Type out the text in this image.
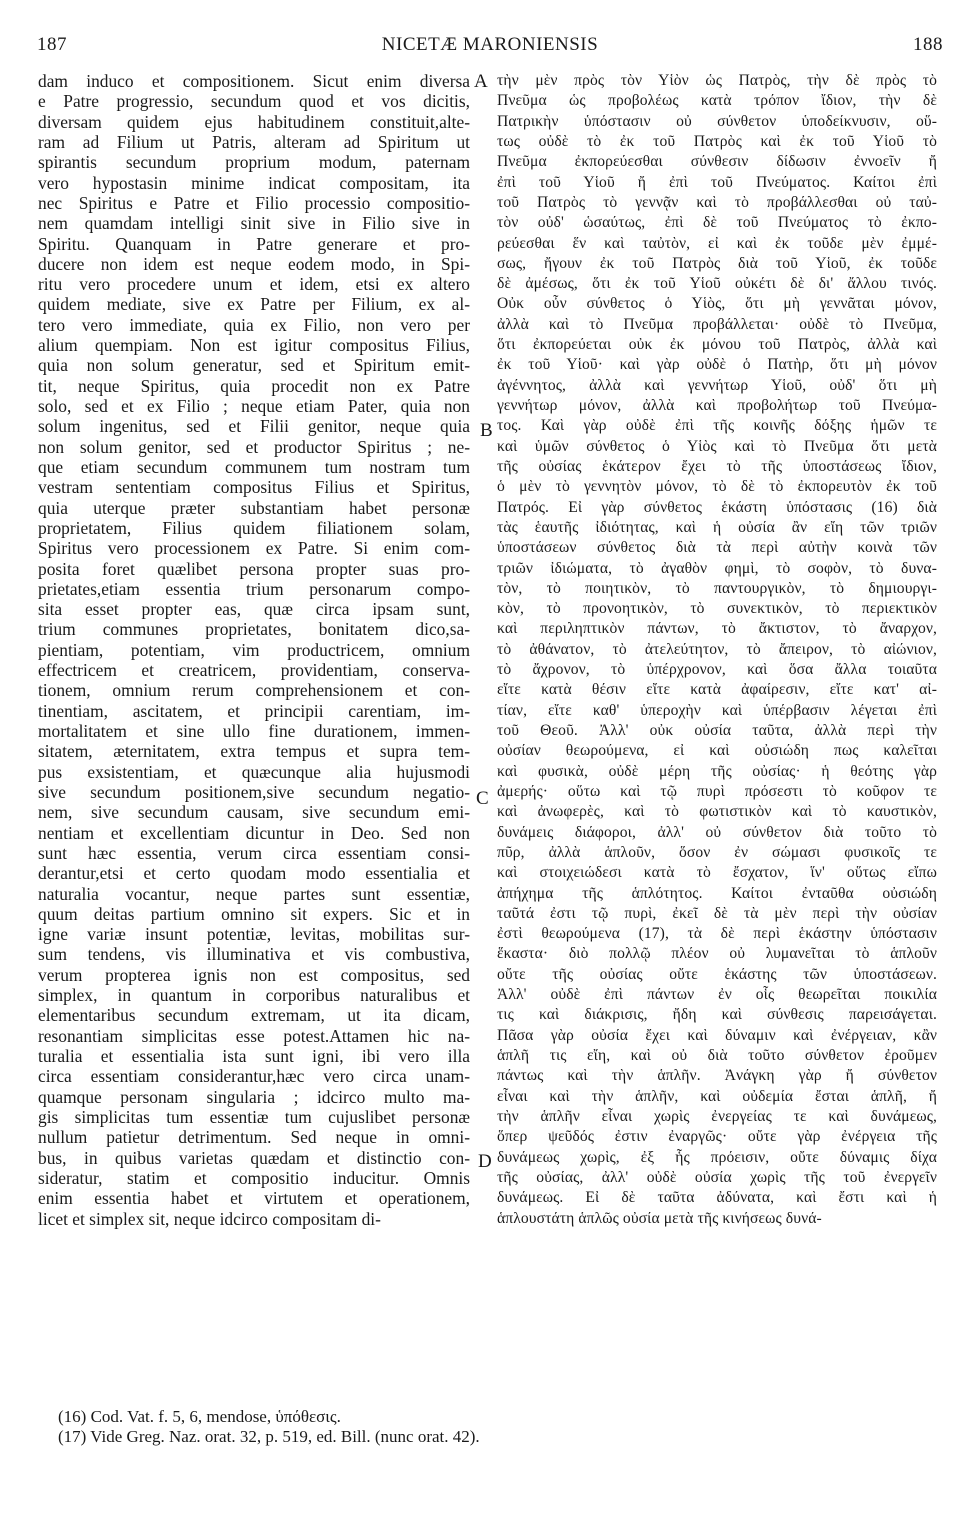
187	NICETÆ MARONIENSIS	188
dam induco et compositionem. Sicut enim diversa
e Patre progressio, secundum quod et vos dicitis,
diversam quidem ejus habitudinem constituit,alte-
ram ad Filium ut Patris, alteram ad Spiritum ut
spirantis secundum proprium modum, paternam
vero hypostasin minime indicat compositam, ita
nec Spiritus e Patre et Filio processio compositio-
nem quamdam intelligi sinit sive in Filio sive in
Spiritu. Quanquam in Patre generare et pro-
ducere non idem est neque eodem modo, in Spi-
ritu vero procedere unum et idem, etsi ex altero
quidem mediate, sive ex Patre per Filium, ex al-
tero vero immediate, quia ex Filio, non vero per
alium quempiam. Non est igitur compositus Filius,
quia non solum generatur, sed et Spiritum emit-
tit, neque Spiritus, quia procedit non ex Patre
solo, sed et ex Filio ; neque etiam Pater, quia non
solum ingenitus, sed et Filii genitor, neque quia
non solum genitor, sed et productor Spiritus ; ne-
que etiam secundum communem tum nostram tum
vestram sententiam compositus Filius et Spiritus,
quia uterque præter substantiam habet personæ
proprietatem, Filius quidem filiationem solam,
Spiritus vero processionem ex Patre. Si enim com-
posita foret quælibet persona propter suas pro-
prietates,etiam essentia trium personarum compo-
sita esset propter eas, quæ circa ipsam sunt,
trium communes proprietates, bonitatem dico,sa-
pientiam, potentiam, vim productricem, omnium
effectricem et creatricem, providentiam, conserva-
tionem, omnium rerum comprehensionem et con-
tinentiam, ascitatem, et principii carentiam, im-
mortalitatem et sine ullo fine durationem, immen-
sitatem, æternitatem, extra tempus et supra tem-
pus exsistentiam, et quæcunque alia hujusmodi
sive secundum positionem,sive secundum negatio-
nem, sive secundum causam, sive secundum emi-
nentiam et excellentiam dicuntur in Deo. Sed non
sunt hæc essentia, verum circa essentiam consi-
derantur,etsi et certo quodam modo essentialia et
naturalia vocantur, neque partes sunt essentiæ,
quum deitas partium omnino sit expers. Sic et in
igne variæ insunt potentiæ, levitas, mobilitas sur-
sum tendens, vis illuminativa et vis combustiva,
verum propterea ignis non est compositus, sed
simplex, in quantum in corporibus naturalibus et
elementaribus secundum extremam, ut ita dicam,
resonantiam simplicitas esse potest.Attamen hic na-
turalia et essentialia ista sunt igni, ibi vero illa
circa essentiam considerantur,hæc vero circa unam-
quamque personam singularia ; idcirco multo ma-
gis simplicitas tum essentiæ tum cujuslibet personæ
nullum patietur detrimentum. Sed neque in omni-
bus, in quibus varietas quædam et distinctio con-
sideratur, statim et compositio inducitur. Omnis
enim essentia habet et virtutem et operationem,
licet et simplex sit, neque idcirco compositam di-
τὴν μὲν πρὸς τὸν Υἱὸν ὡς Πατρὸς, τὴν δὲ πρὸς τὸ
Πνεῦμα ὡς προβολέως κατὰ τρόπον ἴδιον, τὴν δὲ
Πατρικὴν ὑπόστασιν οὐ σύνθετον ὑποδείκνυσιν, οὕ-
τως οὐδὲ τὸ ἐκ τοῦ Πατρὸς καὶ ἐκ τοῦ Υἱοῦ τὸ
Πνεῦμα ἐκπορεύεσθαι σύνθεσιν δίδωσιν ἐννοεῖν ἤ
ἐπὶ τοῦ Υἱοῦ ἤ ἐπὶ τοῦ Πνεύματος. Καίτοι ἐπὶ
τοῦ Πατρὸς τὸ γεννᾷν καὶ τὸ προβάλλεσθαι οὐ ταὐ-
τὸν οὐδ' ὡσαύτως, ἐπὶ δὲ τοῦ Πνεύματος τὸ ἐκπο-
ρεύεσθαι ἕν καὶ ταὐτὸν, εἰ καὶ ἐκ τοῦδε μὲν ἐμμέ-
σως, ἤγουν ἐκ τοῦ Πατρὸς διὰ τοῦ Υἱοῦ, ἐκ τοῦδε
δὲ ἀμέσως, ὅτι ἐκ τοῦ Υἱοῦ οὐκέτι δὲ δι' ἄλλου τινός.
Οὐκ οὖν σύνθετος ὁ Υἱὸς, ὅτι μὴ γεννᾶται μόνον,
ἀλλὰ καὶ τὸ Πνεῦμα προβάλλεται· οὐδὲ τὸ Πνεῦμα,
ὅτι ἐκπορεύεται οὐκ ἐκ μόνου τοῦ Πατρὸς, ἀλλὰ καὶ
ἐκ τοῦ Υἱοῦ· καὶ γὰρ οὐδὲ ὁ Πατὴρ, ὅτι μὴ μόνον
ἀγέννητος, ἀλλὰ καὶ γεννήτωρ Υἱοῦ, οὐδ' ὅτι μὴ
γεννήτωρ μόνον, ἀλλὰ καὶ προβολήτωρ τοῦ Πνεύμα-
τος. Καὶ γὰρ οὐδὲ ἐπὶ τῆς κοινῆς δόξης ἡμῶν τε
καὶ ὑμῶν σύνθετος ὁ Υἱὸς καὶ τὸ Πνεῦμα ὅτι μετὰ
τῆς οὐσίας ἑκάτερον ἔχει τὸ τῆς ὑποστάσεως ἴδιον,
ὁ μὲν τὸ γεννητὸν μόνον, τὸ δὲ τὸ ἐκπορευτὸν ἐκ τοῦ
Πατρός. Εἰ γὰρ σύνθετος ἑκάστη ὑπόστασις (16) διὰ
τὰς ἑαυτῆς ἰδιότητας, καὶ ἡ οὐσία ἂν εἴη τῶν τριῶν
ὑποστάσεων σύνθετος διὰ τὰ περὶ αὐτὴν κοινὰ τῶν
τριῶν ἰδιώματα, τὸ ἀγαθὸν φημὶ, τὸ σοφὸν, τὸ δυνα-
τὸν, τὸ ποιητικὸν, τὸ παντουργικὸν, τὸ δημιουργι-
κὸν, τὸ προνοητικὸν, τὸ συνεκτικὸν, τὸ περιεκτικὸν
καὶ περιληπτικὸν πάντων, τὸ ἄκτιστον, τὸ ἄναρχον,
τὸ ἀθάνατον, τὸ ἀτελεύτητον, τὸ ἄπειρον, τὸ αἰώνιον,
τὸ ἄχρονον, τὸ ὑπέρχρονον, καὶ ὅσα ἄλλα τοιαῦτα
εἴτε κατὰ θέσιν εἴτε κατὰ ἀφαίρεσιν, εἴτε κατ' αἰ-
τίαν, εἴτε καθ' ὑπεροχὴν καὶ ὑπέρβασιν λέγεται ἐπὶ
τοῦ Θεοῦ. Ἀλλ' οὐκ οὐσία ταῦτα, ἀλλὰ περὶ τὴν
οὐσίαν θεωρούμενα, εἰ καὶ οὐσιώδη πως καλεῖται
καὶ φυσικὰ, οὐδὲ μέρη τῆς οὐσίας· ἡ θεότης γὰρ
ἀμερής· οὕτω καὶ τῷ πυρὶ πρόσεστι τὸ κοῦφον τε
καὶ ἀνωφερὲς, καὶ τὸ φωτιστικὸν καὶ τὸ καυστικὸν,
δυνάμεις διάφοροι, ἀλλ' οὐ σύνθετον διὰ τοῦτο τὸ
πῦρ, ἀλλὰ ἁπλοῦν, ὅσον ἐν σώμασι φυσικοῖς τε
καὶ στοιχειώδεσι κατὰ τὸ ἔσχατον, ἵν' οὕτως εἴπω
ἀπήχημα τῆς ἁπλότητος. Καίτοι ἐνταῦθα οὐσιώδη
ταῦτά ἐστι τῷ πυρὶ, ἐκεῖ δὲ τὰ μὲν περὶ τὴν οὐσίαν
ἐστὶ θεωρούμενα (17), τὰ δὲ περὶ ἑκάστην ὑπόστασιν
ἕκαστα· διὸ πολλῷ πλέον οὐ λυμανεῖται τὸ ἁπλοῦν
οὔτε τῆς οὐσίας οὔτε ἑκάστης τῶν ὑποστάσεων.
Ἀλλ' οὐδὲ ἐπὶ πάντων ἐν οἷς θεωρεῖται ποικιλία
τις καὶ διάκρισις, ἤδη καὶ σύνθεσις παρεισάγεται.
Πᾶσα γὰρ οὐσία ἔχει καὶ δύναμιν καὶ ἐνέργειαν, κἂν
ἁπλῆ τις εἴη, καὶ οὐ διὰ τοῦτο σύνθετον ἐροῦμεν
πάντως καὶ τὴν ἁπλῆν. Ἀνάγκη γὰρ ἤ σύνθετον
εἶναι καὶ τὴν ἁπλῆν, καὶ οὐδεμία ἔσται ἁπλῆ, ἤ
τὴν ἁπλῆν εἶναι χωρὶς ἐνεργείας τε καὶ δυνάμεως,
ὅπερ ψεῦδός ἐστιν ἐναργῶς· οὔτε γὰρ ἐνέργεια τῆς
δυνάμεως χωρὶς, ἐξ ἧς πρόεισιν, οὔτε δύναμις δίχα
τῆς οὐσίας, ἀλλ' οὐδὲ οὐσία χωρὶς τῆς τοῦ ἐνεργεῖν
δυνάμεως. Εἰ δὲ ταῦτα ἀδύνατα, καὶ ἔστι καὶ ἡ
ἁπλουστάτη ἁπλῶς οὐσία μετὰ τῆς κινήσεως δυνά-
A
B
C
D
(16) Cod. Vat. f. 5, 6, mendose, ὑπόθεσις.
(17) Vide Greg. Naz. orat. 32, p. 519, ed. Bill. (nunc orat. 42).
